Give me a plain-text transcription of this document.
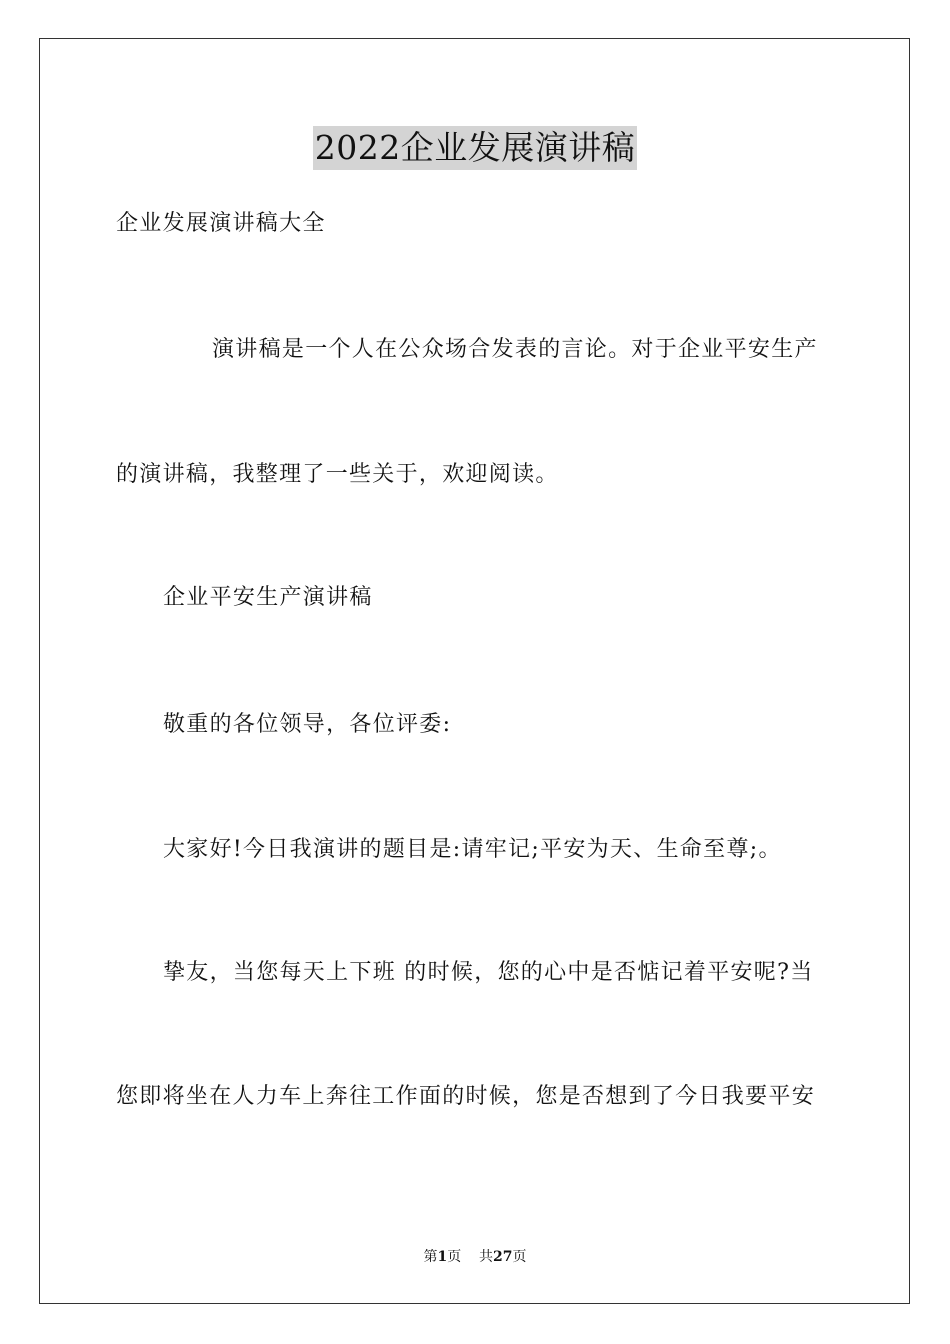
2022企业发展演讲稿
企业发展演讲稿大全
演讲稿是一个人在公众场合发表的言论。对于企业平安生产
的演讲稿，我整理了一些关于，欢迎阅读。
企业平安生产演讲稿
敬重的各位领导，各位评委:
大家好!今日我演讲的题目是:请牢记;平安为天、生命至尊;。
挚友，当您每天上下班 的时候，您的心中是否惦记着平安呢?当
您即将坐在人力车上奔往工作面的时候，您是否想到了今日我要平安
第1页 共27页
